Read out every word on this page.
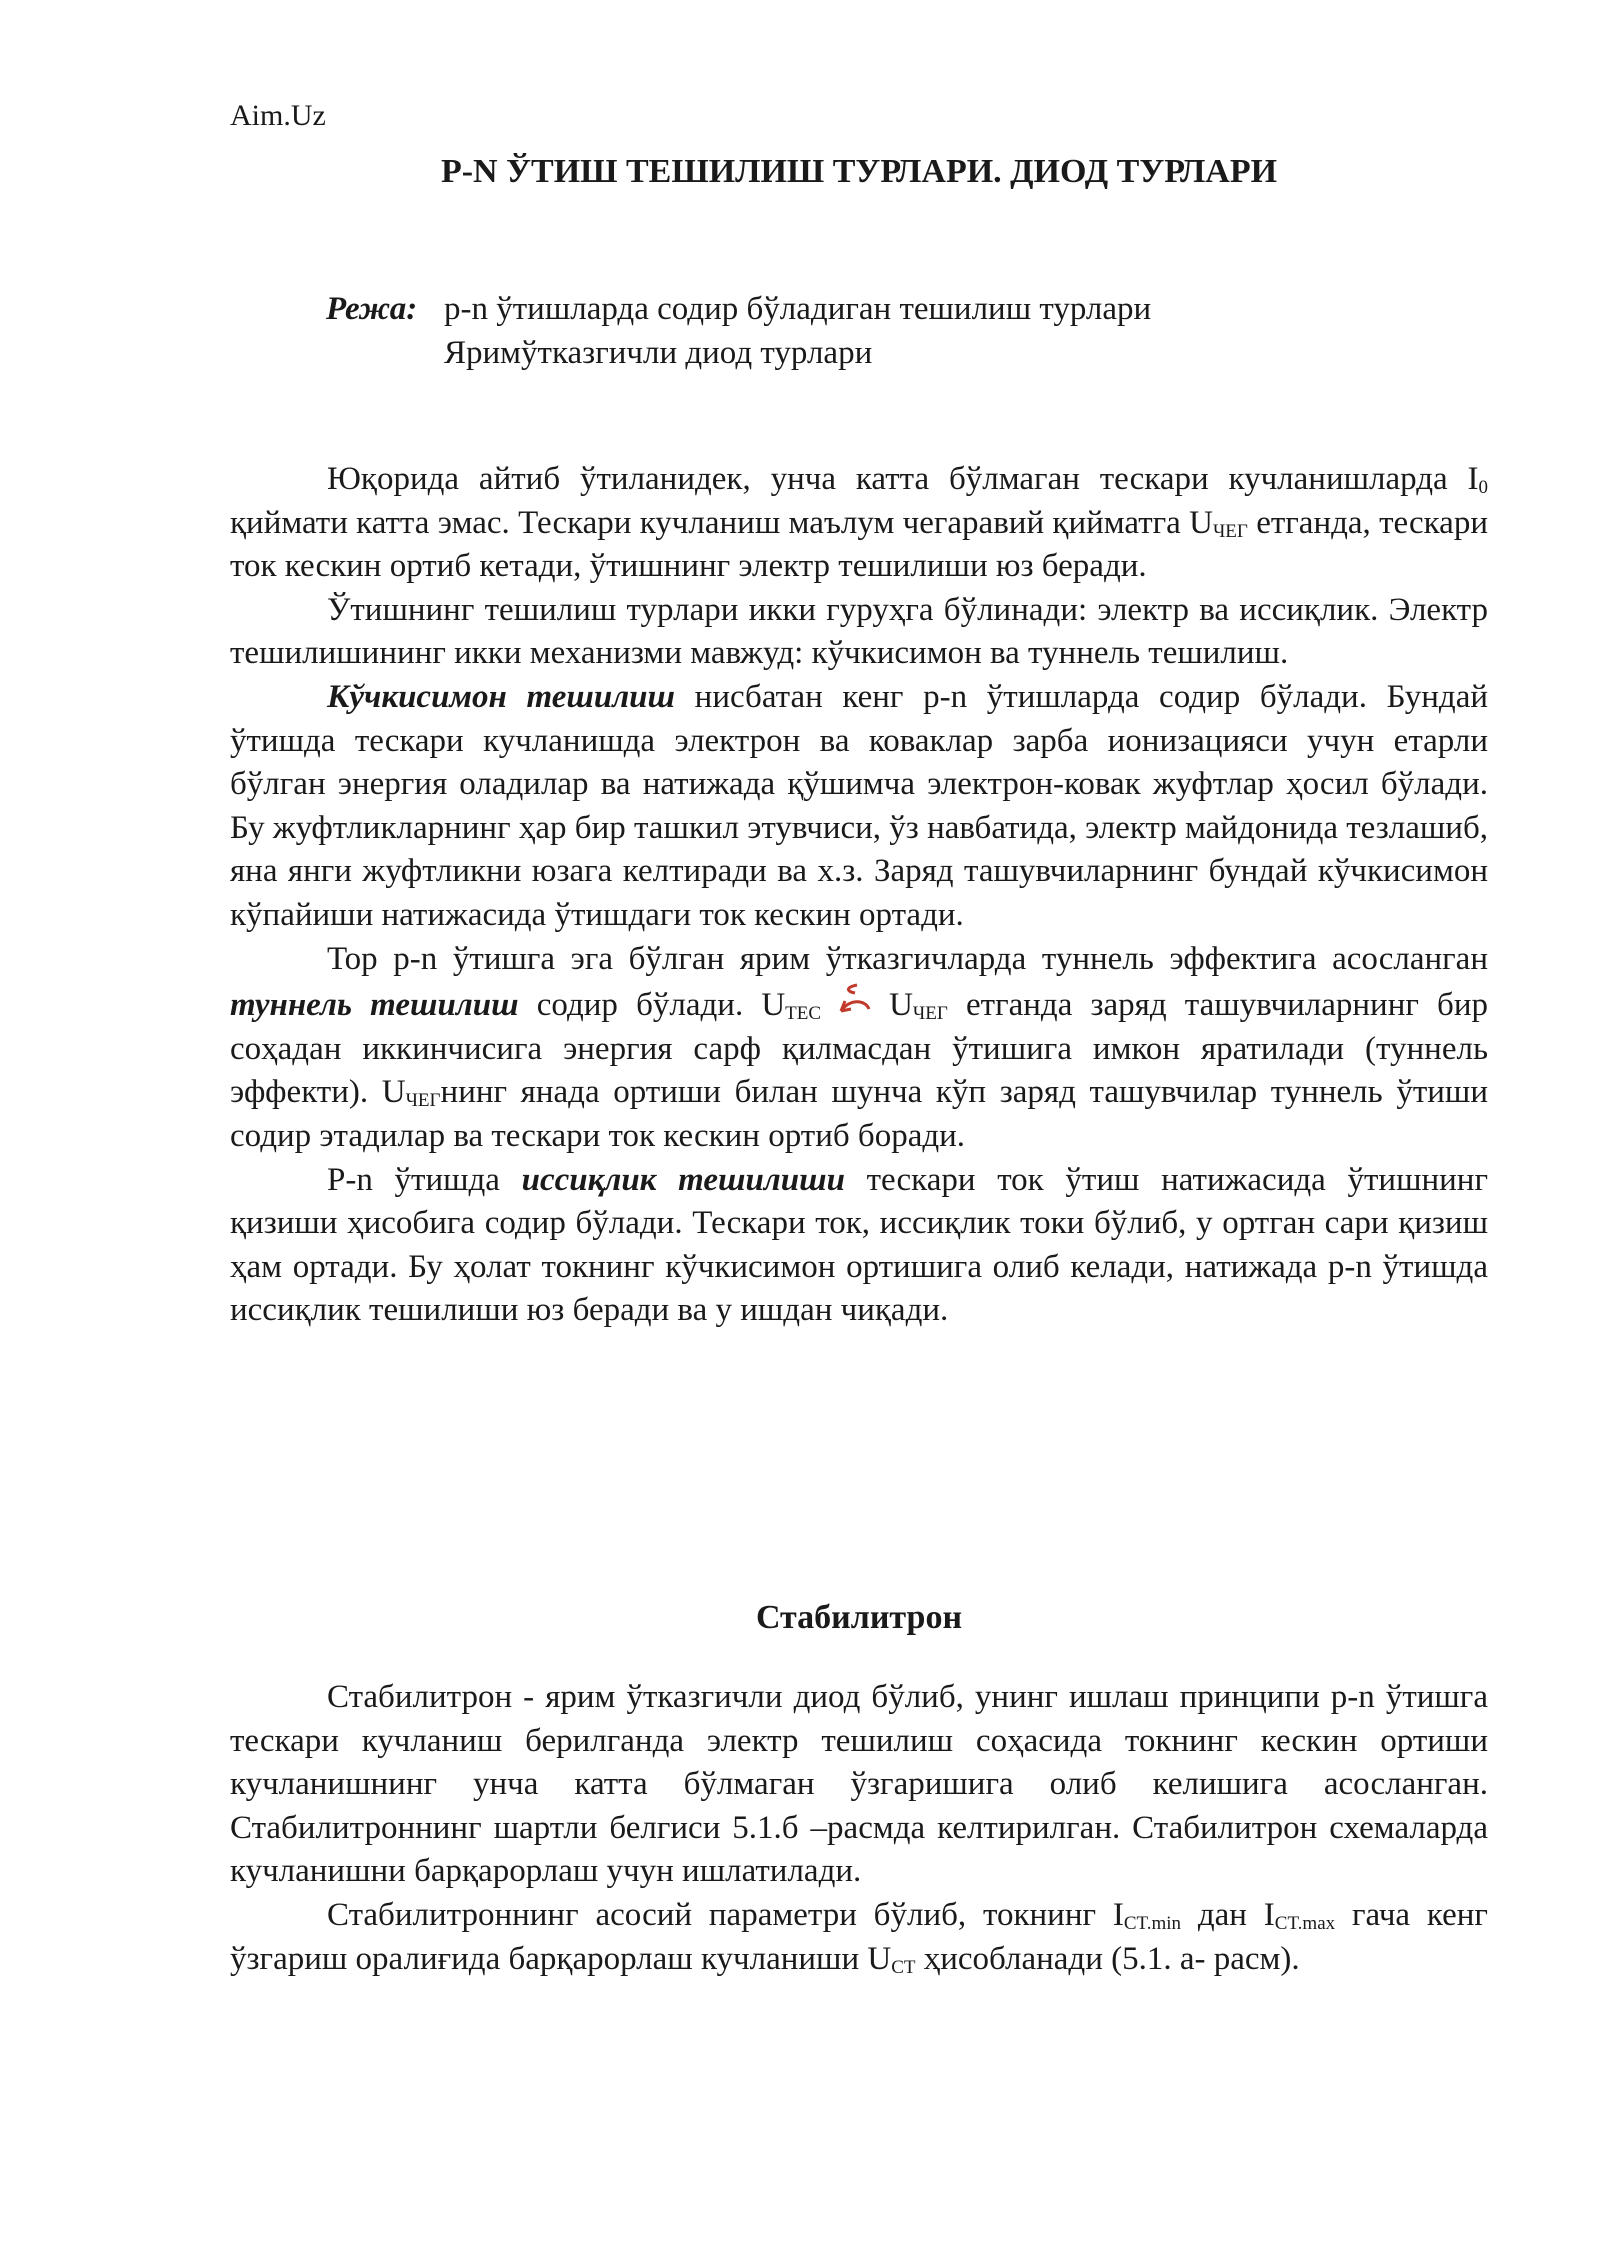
Aim.Uz
P-N ЎТИШ ТЕШИЛИШ ТУРЛАРИ. ДИОД ТУРЛАРИ
Режа: p-n ўтишларда содир бўладиган тешилиш турлари
Яримўтказгичли диод турлари

Юқорида айтиб ўтиланидек, унча катта бўлмаган тескари кучланишларда $I_0$ қиймати катта эмас. Тескари кучланиш маълум чегаравий қийматга $U_{ЧЕГ}$ етганда, тескари ток кескин ортиб кетади, ўтишнинг электр тешилиши юз беради.

Ўтишнинг тешилиш турлари икки гуруҳга бўлинади: электр ва иссиқлик. Электр тешилишининг икки механизми мавжуд: кўчкисимон ва туннель тешилиш.

Кўчкисимон тешилиш нисбатан кенг p-n ўтишларда содир бўлади. Бундай ўтишда тескари кучланишда электрон ва коваклар зарба ионизацияси учун етарли бўлган энергия оладилар ва натижада қўшимча электрон-ковак жуфтлар ҳосил бўлади. Бу жуфтликларнинг ҳар бир ташкил этувчиси, ўз навбатида, электр майдонида тезлашиб, яна янги жуфтликни юзага келтиради ва х.з. Заряд ташувчиларнинг бундай кўчкисимон кўпайиши натижасида ўтишдаги ток кескин ортади.

Тор p-n ўтишга эга бўлган ярим ўтказгичларда туннель эффектига асосланган туннель тешилиш содир бўлади. $U_{TEC}$ $U_{ЧЕГ}$ етганда заряд ташувчиларнинг бир соҳадан иккинчисига энергия сарф қилмасдан ўтишига имкон яратилади (туннель эффекти). $U_{ЧЕГ}нинг$ янада ортиши билан шунча кўп заряд ташувчилар туннель ўтиши содир этадилар ва тескари ток кескин ортиб боради.

P-n ўтишда иссиқлик тешилиши тескари ток ўтиш натижасида ўтишнинг қизиши ҳисобига содир бўлади. Тескари ток, иссиқлик токи бўлиб, у ортган сари қизиш ҳам ортади. Бу ҳолат токнинг кўчкисимон ортишига олиб келади, натижада p-n ўтишда иссиқлик тешилиши юз беради ва у ишдан чиқади.

Стабилитрон

Стабилитрон - ярим ўтказгичли диод бўлиб, унинг ишлаш принципи p-n ўтишга тескари кучланиш берилганда электр тешилиш соҳасида токнинг кескин ортиши кучланишнинг унча катта бўлмаган ўзгаришига олиб келишига асосланган. Стабилитроннинг шартли белгиси 5.1.б –расмда келтирилган. Стабилитрон схемаларда кучланишни барқарорлаш учун ишлатилади.

Стабилитроннинг асосий параметри бўлиб, токнинг $I_{CT.min}$ дан $I_{CT.max}$ гача кенг ўзгариш оралиғида барқарорлаш кучланиши $U_{CT}$ ҳисобланади (5.1. а- расм).
